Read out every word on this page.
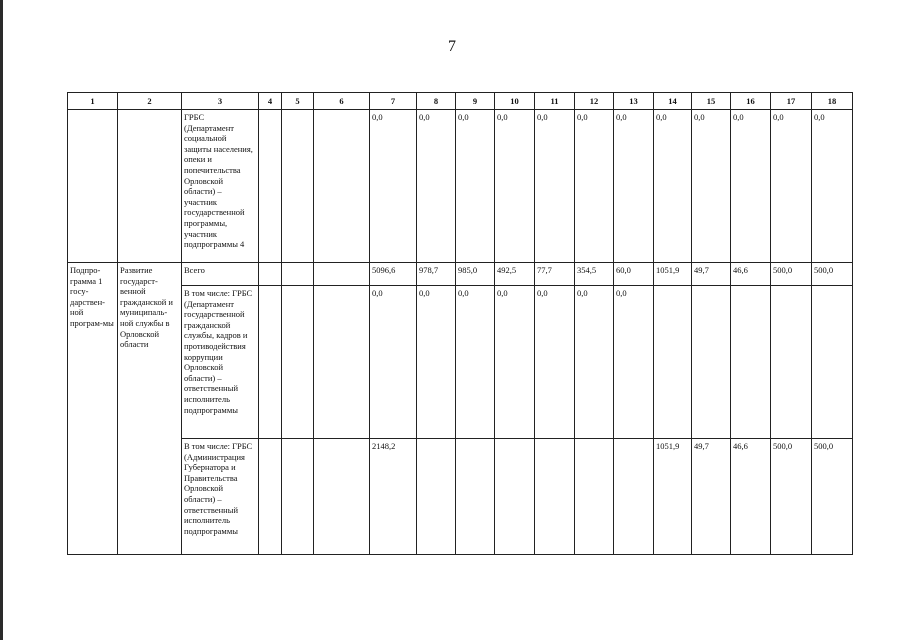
7
1	2	3	4	5	6	7	8	9	10	11	12	13	14	15	16	17	18
		ГРБС (Департамент социальной защиты населения, опеки и попечительства Орловской области) – участник государственной программы, участник подпрограммы 4				0,0	0,0	0,0	0,0	0,0	0,0	0,0	0,0	0,0	0,0	0,0	0,0
Подпро-грамма 1 госу-дарствен-ной програм-мы	Развитие государст-венной гражданской и муниципаль-ной службы в Орловской области	Всего				5096,6	978,7	985,0	492,5	77,7	354,5	60,0	1051,9	49,7	46,6	500,0	500,0
		В том числе: ГРБС (Департамент государственной гражданской службы, кадров и противодействия коррупции Орловской области) – ответственный исполнитель подпрограммы				0,0	0,0	0,0	0,0	0,0	0,0	0,0					
		В том числе: ГРБС (Администрация Губернатора и Правительства Орловской области) – ответственный исполнитель подпрограммы				2148,2							1051,9	49,7	46,6	500,0	500,0
